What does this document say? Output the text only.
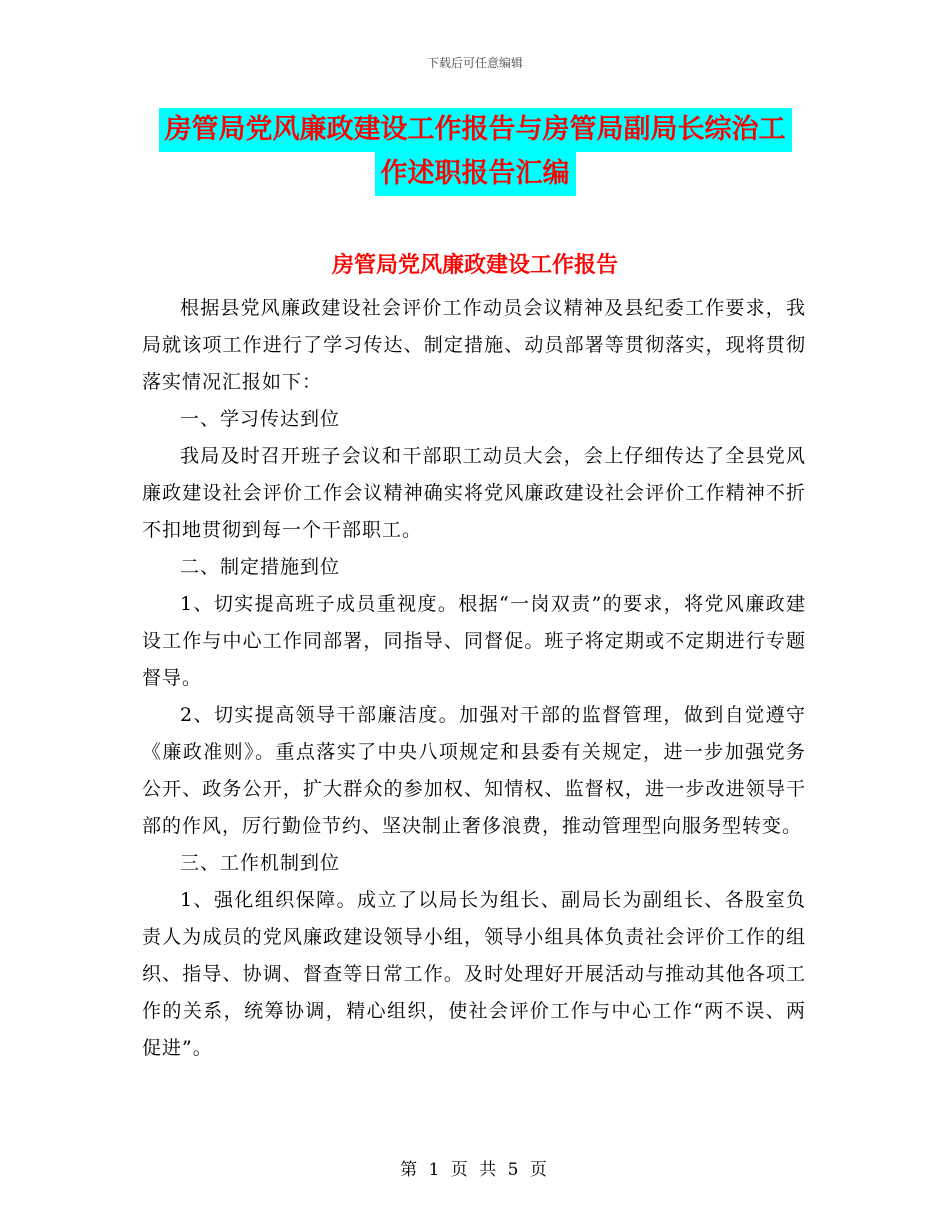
下载后可任意编辑
房管局党风廉政建设工作报告与房管局副局长综治工
作述职报告汇编
房管局党风廉政建设工作报告

根据县党风廉政建设社会评价工作动员会议精神及县纪委工作要求，我局就该项工作进行了学习传达、制定措施、动员部署等贯彻落实，现将贯彻落实情况汇报如下：

一、学习传达到位

我局及时召开班子会议和干部职工动员大会，会上仔细传达了全县党风廉政建设社会评价工作会议精神确实将党风廉政建设社会评价工作精神不折不扣地贯彻到每一个干部职工。

二、制定措施到位

1、切实提高班子成员重视度。根据“一岗双责”的要求，将党风廉政建设工作与中心工作同部署，同指导、同督促。班子将定期或不定期进行专题督导。

2、切实提高领导干部廉洁度。加强对干部的监督管理，做到自觉遵守《廉政准则》。重点落实了中央八项规定和县委有关规定，进一步加强党务公开、政务公开，扩大群众的参加权、知情权、监督权，进一步改进领导干部的作风，厉行勤俭节约、坚决制止奢侈浪费，推动管理型向服务型转变。

三、工作机制到位

1、强化组织保障。成立了以局长为组长、副局长为副组长、各股室负责人为成员的党风廉政建设领导小组，领导小组具体负责社会评价工作的组织、指导、协调、督查等日常工作。及时处理好开展活动与推动其他各项工作的关系，统筹协调，精心组织，使社会评价工作与中心工作“两不误、两促进”。

第 1 页 共 5 页
